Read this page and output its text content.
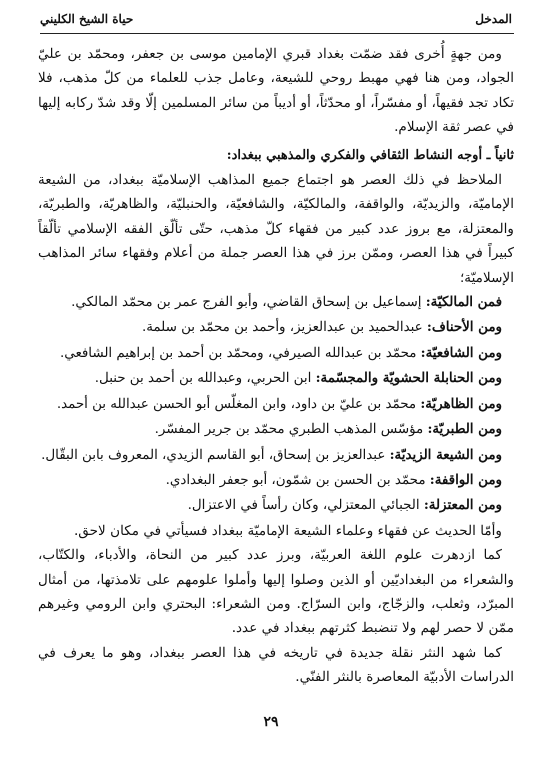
المدخل
حياة الشيخ الكليني

ومن جهةٍ أُخرى فقد ضمّت بغداد قبري الإمامين موسى بن جعفر، ومحمّد بن عليّ الجواد، ومن هنا فهي مهبط روحي للشيعة، وعامل جذب للعلماء من كلّ مذهب، فلا تكاد تجد فقيهاً، أو مفسّراً، أو محدّثاً، أو أديباً من سائر المسلمين إلّا وقد شدّ ركابه إليها في عصر ثقة الإسلام.

ثانياً ـ أوجه النشاط الثقافي والفكري والمذهبي ببغداد:

الملاحظ في ذلك العصر هو اجتماع جميع المذاهب الإسلاميّة ببغداد، من الشيعة الإماميّة، والزيديّة، والواقفة، والمالكيّة، والشافعيّة، والحنبليّة، والظاهريّة، والطبريّة، والمعتزلة، مع بروز عدد كبير من فقهاء كلّ مذهب، حتّى تألّق الفقه الإسلامي تألّقاً كبيراً في هذا العصر، وممّن برز في هذا العصر جملة من أعلام وفقهاء سائر المذاهب الإسلاميّة؛

فمن المالكيّة: إسماعيل بن إسحاق القاضي، وأبو الفرج عمر بن محمّد المالكي.

ومن الأحناف: عبدالحميد بن عبدالعزيز، وأحمد بن محمّد بن سلمة.

ومن الشافعيّة: محمّد بن عبدالله الصيرفي، ومحمّد بن أحمد بن إبراهيم الشافعي.

ومن الحنابلة الحشويّة والمجسّمة: ابن الحربي، وعبدالله بن أحمد بن حنبل.

ومن الظاهريّة: محمّد بن عليّ بن داود، وابن المغلّس أبو الحسن عبدالله بن أحمد.

ومن الطبريّة: مؤسّس المذهب الطبري محمّد بن جرير المفسّر.

ومن الشيعة الزيديّة: عبدالعزيز بن إسحاق، أبو القاسم الزيدي، المعروف بابن البقّال.

ومن الواقفة: محمّد بن الحسن بن شمّون، أبو جعفر البغدادي.

ومن المعتزلة: الجبائي المعتزلي، وكان رأساً في الاعتزال.

وأمّا الحديث عن فقهاء وعلماء الشيعة الإماميّة ببغداد فسيأتي في مكان لاحق.

كما ازدهرت علوم اللغة العربيّة، وبرز عدد كبير من النحاة، والأدباء، والكتّاب، والشعراء من البغداديّين أو الذين وصلوا إليها وأملوا علومهم على تلامذتها، من أمثال المبرّد، وثعلب، والزجّاج، وابن السرّاج. ومن الشعراء: البحتري وابن الرومي وغيرهم ممّن لا حصر لهم ولا تنضبط كثرتهم ببغداد في عدد.

كما شهد النثر نقلة جديدة في تاريخه في هذا العصر ببغداد، وهو ما يعرف في الدراسات الأدبيّة المعاصرة بالنثر الفنّي.

٢٩
